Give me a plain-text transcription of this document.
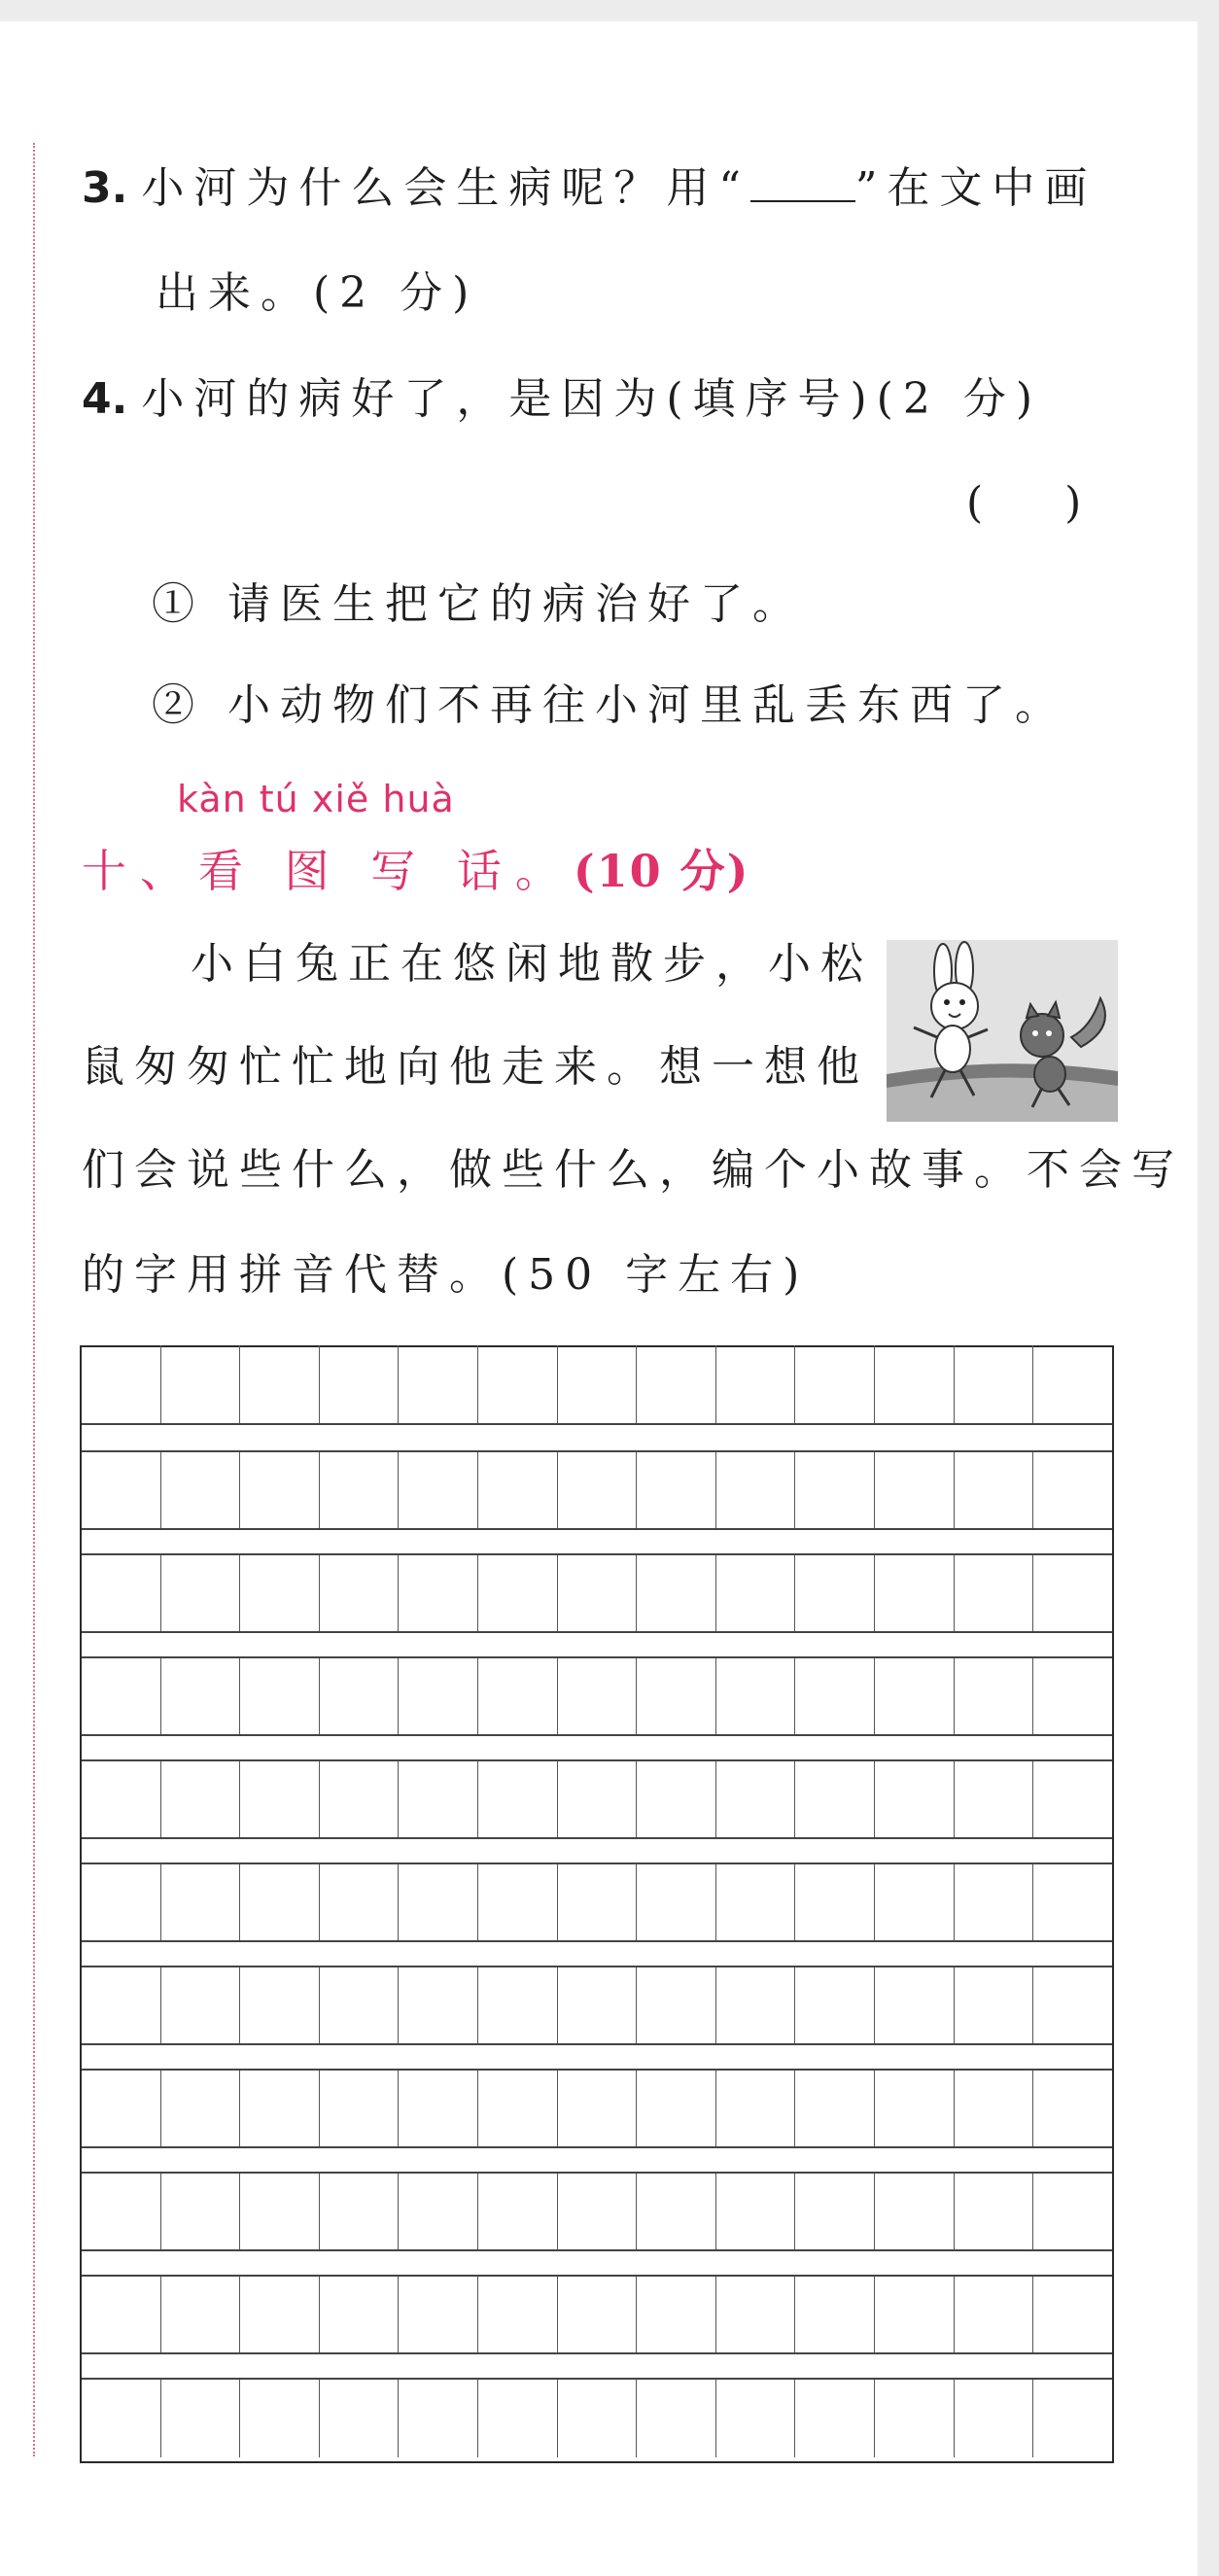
3. 小河为什么会生病呢？用“ ”在文中画
出来。(2 分)
4. 小河的病好了，是因为(填序号)(2 分)
(      )
① 请医生把它的病治好了。
② 小动物们不再往小河里乱丢东西了。
kàn tú xiě huà
十、看 图 写 话。(10 分)
小白兔正在悠闲地散步，小松
鼠匆匆忙忙地向他走来。想一想他
们会说些什么，做些什么，编个小故事。不会写
的字用拼音代替。(50 字左右)
